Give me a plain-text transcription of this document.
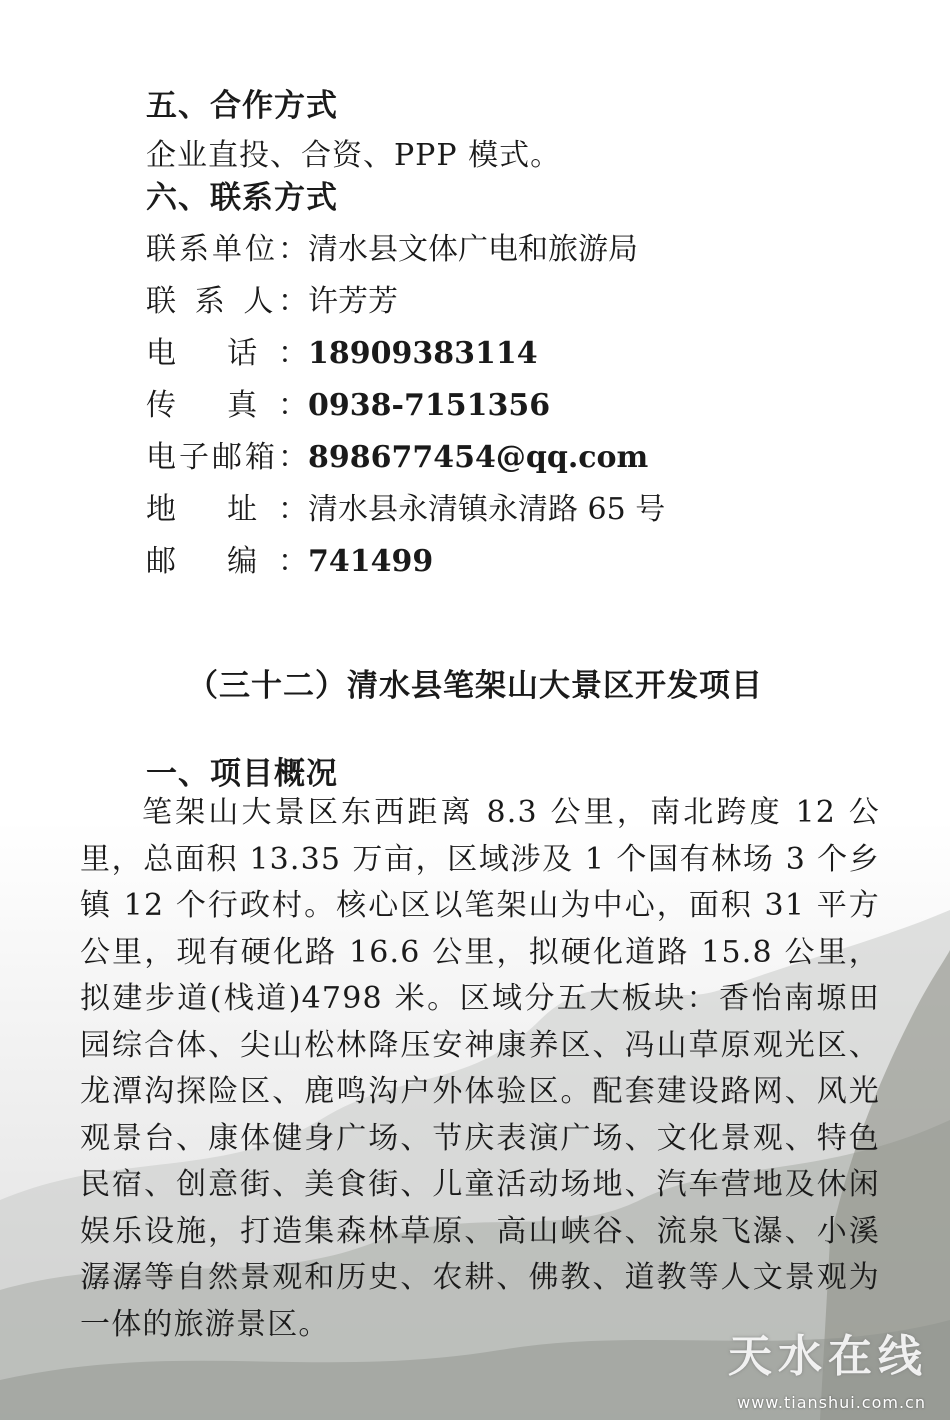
五、合作方式
企业直投、合资、PPP 模式。
六、联系方式
联系单位：清水县文体广电和旅游局
联 系 人：许芳芳
电 话：18909383114
传 真：0938-7151356
电子邮箱：898677454@qq.com
地 址：清水县永清镇永清路 65 号
邮 编：741499
（三十二）清水县笔架山大景区开发项目
一、项目概况
笔架山大景区东西距离 8.3 公里，南北跨度 12 公里，总面积 13.35 万亩，区域涉及 1 个国有林场 3 个乡镇 12 个行政村。核心区以笔架山为中心，面积 31 平方公里，现有硬化路 16.6 公里，拟硬化道路 15.8 公里，拟建步道(栈道)4798 米。区域分五大板块：香怡南塬田园综合体、尖山松林降压安神康养区、冯山草原观光区、龙潭沟探险区、鹿鸣沟户外体验区。配套建设路网、风光观景台、康体健身广场、节庆表演广场、文化景观、特色民宿、创意街、美食街、儿童活动场地、汽车营地及休闲娱乐设施，打造集森林草原、高山峡谷、流泉飞瀑、小溪潺潺等自然景观和历史、农耕、佛教、道教等人文景观为一体的旅游景区。
天水在线
www.tianshui.com.cn
